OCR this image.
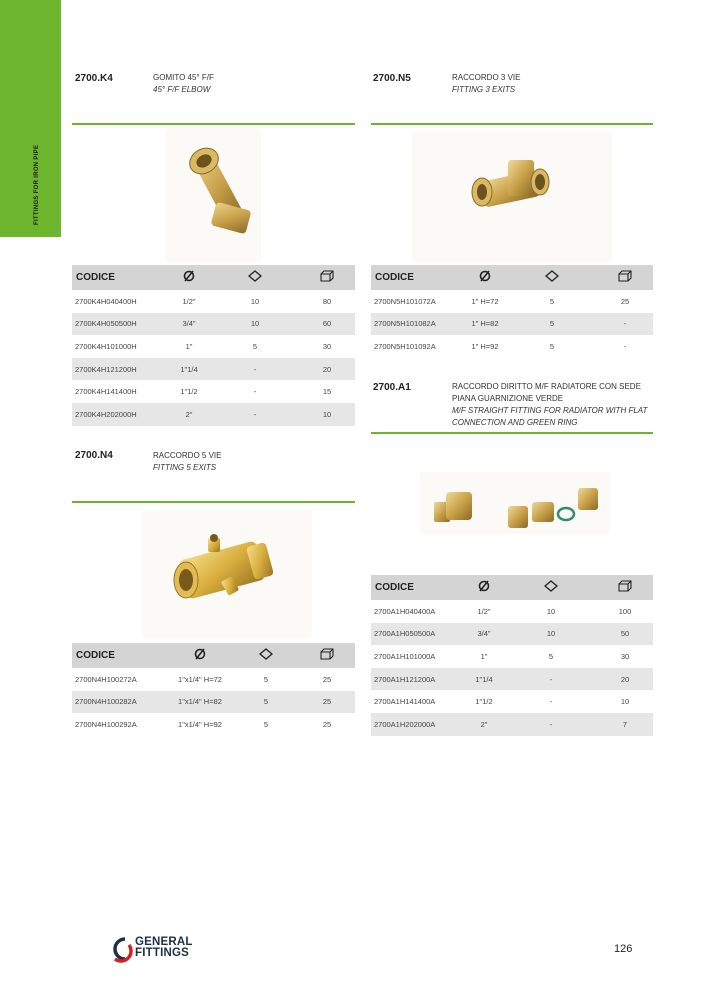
FITTINGS FOR IRON PIPE
2700.K4	GOMITO 45° F/F
45° F/F ELBOW
CODICE			
2700K4H040400H	1/2"	10	80
2700K4H050500H	3/4"	10	60
2700K4H101000H	1"	5	30
2700K4H121200H	1"1/4	-	20
2700K4H141400H	1"1/2	-	15
2700K4H202000H	2"	-	10
2700.N5	RACCORDO 3 VIE
FITTING 3 EXITS
CODICE			
2700N5H101072A	1" H=72	5	25
2700N5H101082A	1" H=82	5	-
2700N5H101092A	1" H=92	5	-
2700.A1	RACCORDO DIRITTO M/F RADIATORE CON SEDE
PIANA GUARNIZIONE VERDE
M/F STRAIGHT FITTING FOR RADIATOR WITH FLAT
CONNECTION AND GREEN RING
CODICE			
2700A1H040400A	1/2"	10	100
2700A1H050500A	3/4"	10	50
2700A1H101000A	1"	5	30
2700A1H121200A	1"1/4	-	20
2700A1H141400A	1"1/2	-	10
2700A1H202000A	2"	-	7
2700.N4	RACCORDO 5 VIE
FITTING 5 EXITS
CODICE			
2700N4H100272A	1"x1/4" H=72	5	25
2700N4H100282A	1"x1/4" H=82	5	25
2700N4H100292A	1"x1/4" H=92	5	25
GENERAL
FITTINGS	126
